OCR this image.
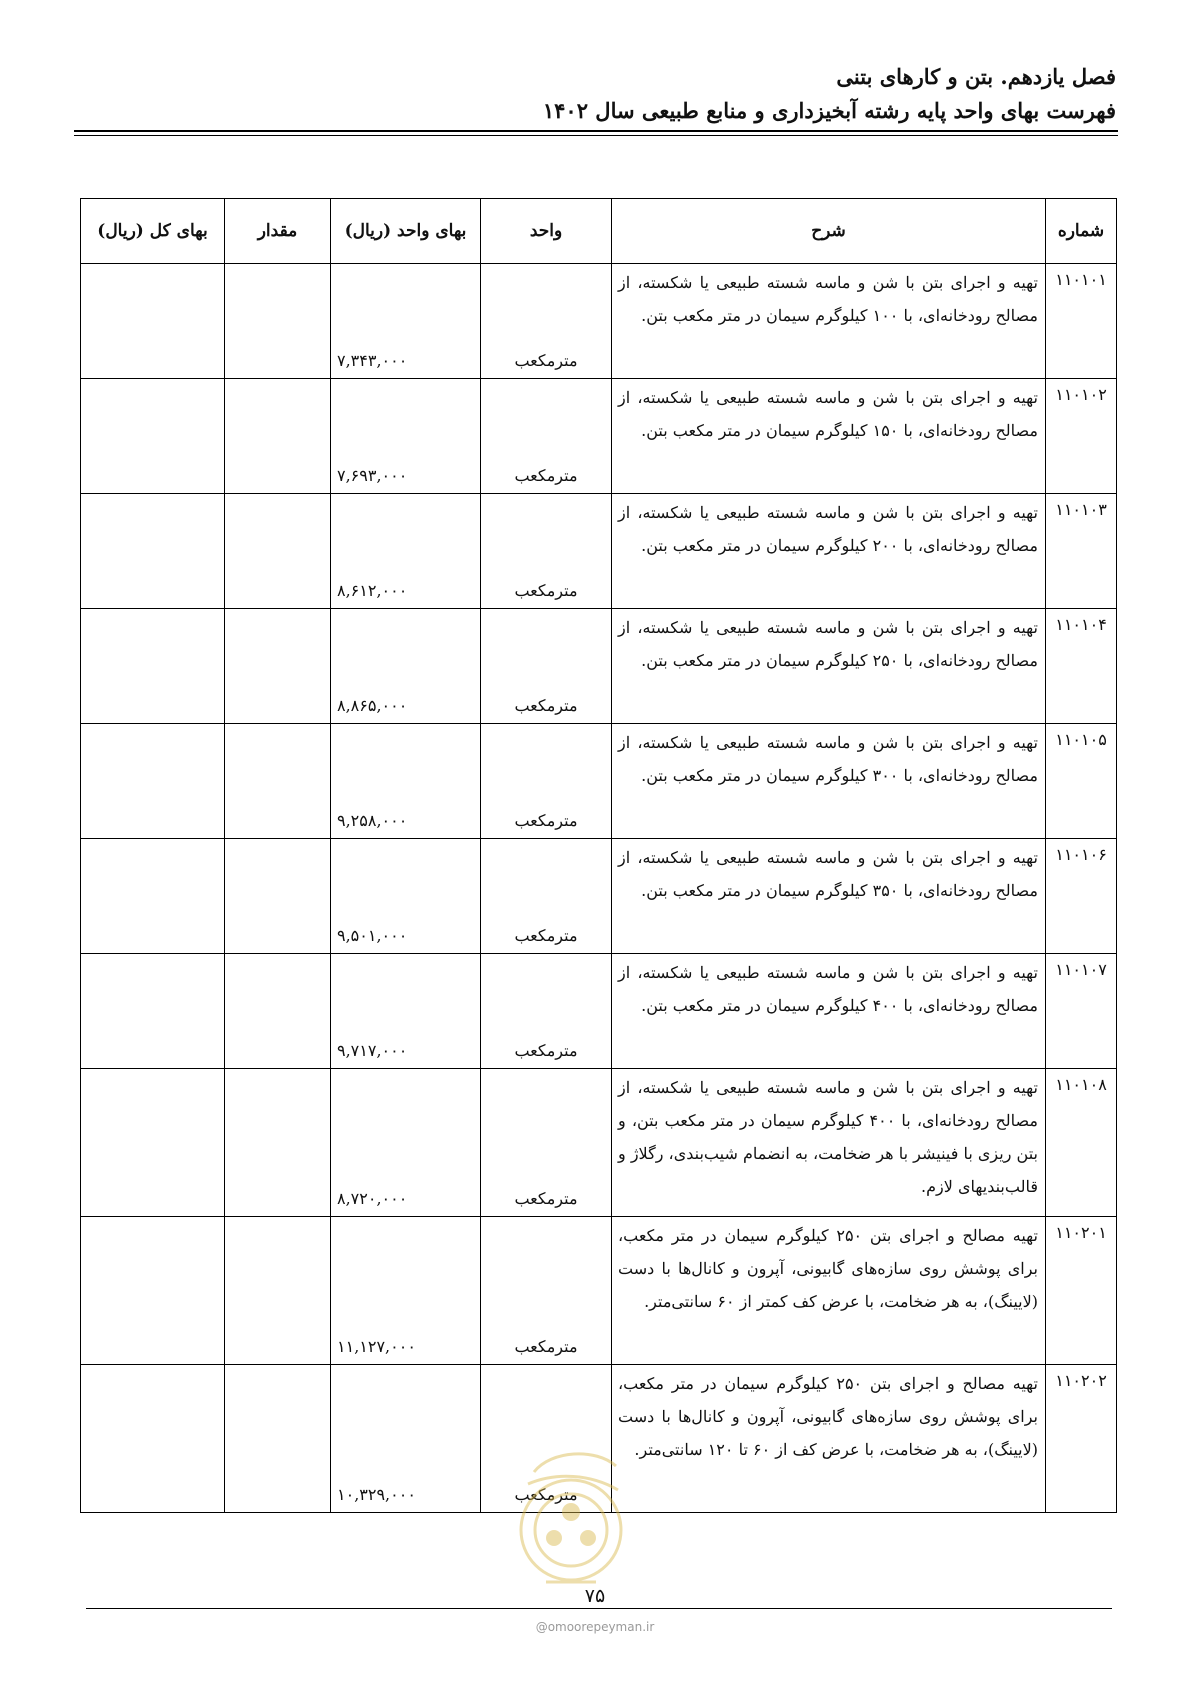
فصل یازدهم. بتن و کارهای بتنی
فهرست بهای واحد پایه رشته آبخیزداری و منابع طبیعی سال ۱۴۰۲
شماره	شرح	واحد	بهای واحد (ریال)	مقدار	بهای کل (ریال)
۱۱۰۱۰۱	تهیه و اجرای بتن با شن و ماسه شسته طبیعی یا شکسته، از مصالح رودخانه‌ای، با ۱۰۰ کیلوگرم سیمان در متر مکعب بتن.	مترمکعب	۷,۳۴۳,۰۰۰		
۱۱۰۱۰۲	تهیه و اجرای بتن با شن و ماسه شسته طبیعی یا شکسته، از مصالح رودخانه‌ای، با ۱۵۰ کیلوگرم سیمان در متر مکعب بتن.	مترمکعب	۷,۶۹۳,۰۰۰		
۱۱۰۱۰۳	تهیه و اجرای بتن با شن و ماسه شسته طبیعی یا شکسته، از مصالح رودخانه‌ای، با ۲۰۰ کیلوگرم سیمان در متر مکعب بتن.	مترمکعب	۸,۶۱۲,۰۰۰		
۱۱۰۱۰۴	تهیه و اجرای بتن با شن و ماسه شسته طبیعی یا شکسته، از مصالح رودخانه‌ای، با ۲۵۰ کیلوگرم سیمان در متر مکعب بتن.	مترمکعب	۸,۸۶۵,۰۰۰		
۱۱۰۱۰۵	تهیه و اجرای بتن با شن و ماسه شسته طبیعی یا شکسته، از مصالح رودخانه‌ای، با ۳۰۰ کیلوگرم سیمان در متر مکعب بتن.	مترمکعب	۹,۲۵۸,۰۰۰		
۱۱۰۱۰۶	تهیه و اجرای بتن با شن و ماسه شسته طبیعی یا شکسته، از مصالح رودخانه‌ای، با ۳۵۰ کیلوگرم سیمان در متر مکعب بتن.	مترمکعب	۹,۵۰۱,۰۰۰		
۱۱۰۱۰۷	تهیه و اجرای بتن با شن و ماسه شسته طبیعی یا شکسته، از مصالح رودخانه‌ای، با ۴۰۰ کیلوگرم سیمان در متر مکعب بتن.	مترمکعب	۹,۷۱۷,۰۰۰		
۱۱۰۱۰۸	تهیه و اجرای بتن با شن و ماسه شسته طبیعی یا شکسته، از مصالح رودخانه‌ای، با ۴۰۰ کیلوگرم سیمان در متر مکعب بتن، و بتن ریزی با فینیشر با هر ضخامت، به انضمام شیب‌بندی، رگلاژ و قالب‌بندیهای لازم.	مترمکعب	۸,۷۲۰,۰۰۰		
۱۱۰۲۰۱	تهیه مصالح و اجرای بتن ۲۵۰ کیلوگرم سیمان در متر مکعب، برای پوشش روی سازه‌های گابیونی، آپرون و کانال‌ها با دست (لایینگ)، به هر ضخامت، با عرض کف کمتر از ۶۰ سانتی‌متر.	مترمکعب	۱۱,۱۲۷,۰۰۰		
۱۱۰۲۰۲	تهیه مصالح و اجرای بتن ۲۵۰ کیلوگرم سیمان در متر مکعب، برای پوشش روی سازه‌های گابیونی، آپرون و کانال‌ها با دست (لایینگ)، به هر ضخامت، با عرض کف از ۶۰ تا ۱۲۰ سانتی‌متر.	مترمکعب	۱۰,۳۲۹,۰۰۰		
۷۵
@omoorepeyman.ir
